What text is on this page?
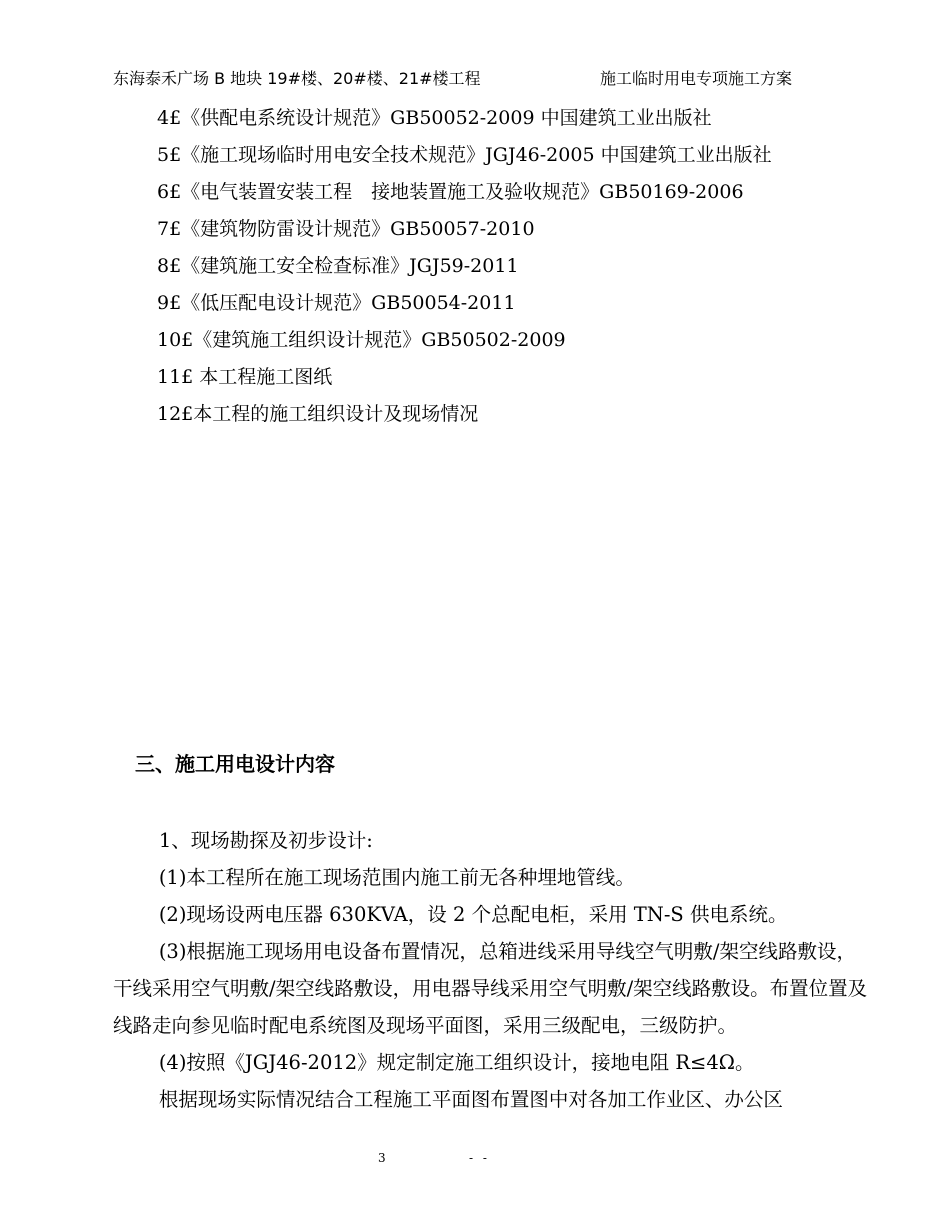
东海泰禾广场 B 地块 19#楼、20#楼、21#楼工程	施工临时用电专项施工方案
4£《供配电系统设计规范》GB50052-2009 中国建筑工业出版社
5£《施工现场临时用电安全技术规范》JGJ46-2005 中国建筑工业出版社
6£《电气装置安装工程　接地装置施工及验收规范》GB50169-2006
7£《建筑物防雷设计规范》GB50057-2010
8£《建筑施工安全检查标准》JGJ59-2011
9£《低压配电设计规范》GB50054-2011
10£《建筑施工组织设计规范》GB50502-2009
11£ 本工程施工图纸
12£本工程的施工组织设计及现场情况
三、施工用电设计内容

1、现场勘探及初步设计:

(1)本工程所在施工现场范围内施工前无各种埋地管线。

(2)现场设两电压器 630KVA，设 2 个总配电柜，采用 TN-S 供电系统。

(3)根据施工现场用电设备布置情况，总箱进线采用导线空气明敷/架空线路敷设，干线采用空气明敷/架空线路敷设，用电器导线采用空气明敷/架空线路敷设。布置位置及线路走向参见临时配电系统图及现场平面图，采用三级配电，三级防护。

(4)按照《JGJ46-2012》规定制定施工组织设计，接地电阻 R≤4Ω。

根据现场实际情况结合工程施工平面图布置图中对各加工作业区、办公区

3	- -
